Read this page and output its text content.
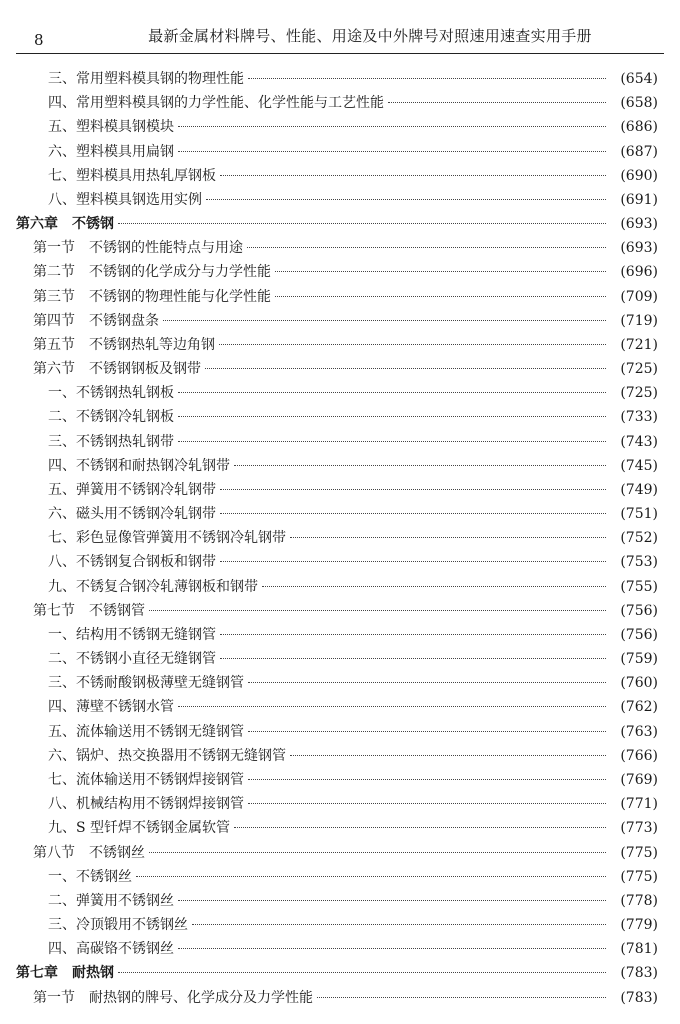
8	最新金属材料牌号、性能、用途及中外牌号对照速用速查实用手册
三、常用塑料模具钢的物理性能	(654)
四、常用塑料模具钢的力学性能、化学性能与工艺性能	(658)
五、塑料模具钢模块	(686)
六、塑料模具用扁钢	(687)
七、塑料模具用热轧厚钢板	(690)
八、塑料模具钢选用实例	(691)
第六章　不锈钢	(693)
第一节　不锈钢的性能特点与用途	(693)
第二节　不锈钢的化学成分与力学性能	(696)
第三节　不锈钢的物理性能与化学性能	(709)
第四节　不锈钢盘条	(719)
第五节　不锈钢热轧等边角钢	(721)
第六节　不锈钢钢板及钢带	(725)
一、不锈钢热轧钢板	(725)
二、不锈钢冷轧钢板	(733)
三、不锈钢热轧钢带	(743)
四、不锈钢和耐热钢冷轧钢带	(745)
五、弹簧用不锈钢冷轧钢带	(749)
六、磁头用不锈钢冷轧钢带	(751)
七、彩色显像管弹簧用不锈钢冷轧钢带	(752)
八、不锈钢复合钢板和钢带	(753)
九、不锈复合钢冷轧薄钢板和钢带	(755)
第七节　不锈钢管	(756)
一、结构用不锈钢无缝钢管	(756)
二、不锈钢小直径无缝钢管	(759)
三、不锈耐酸钢极薄壁无缝钢管	(760)
四、薄壁不锈钢水管	(762)
五、流体输送用不锈钢无缝钢管	(763)
六、锅炉、热交换器用不锈钢无缝钢管	(766)
七、流体输送用不锈钢焊接钢管	(769)
八、机械结构用不锈钢焊接钢管	(771)
九、S 型钎焊不锈钢金属软管	(773)
第八节　不锈钢丝	(775)
一、不锈钢丝	(775)
二、弹簧用不锈钢丝	(778)
三、冷顶锻用不锈钢丝	(779)
四、高碳铬不锈钢丝	(781)
第七章　耐热钢	(783)
第一节　耐热钢的牌号、化学成分及力学性能	(783)
